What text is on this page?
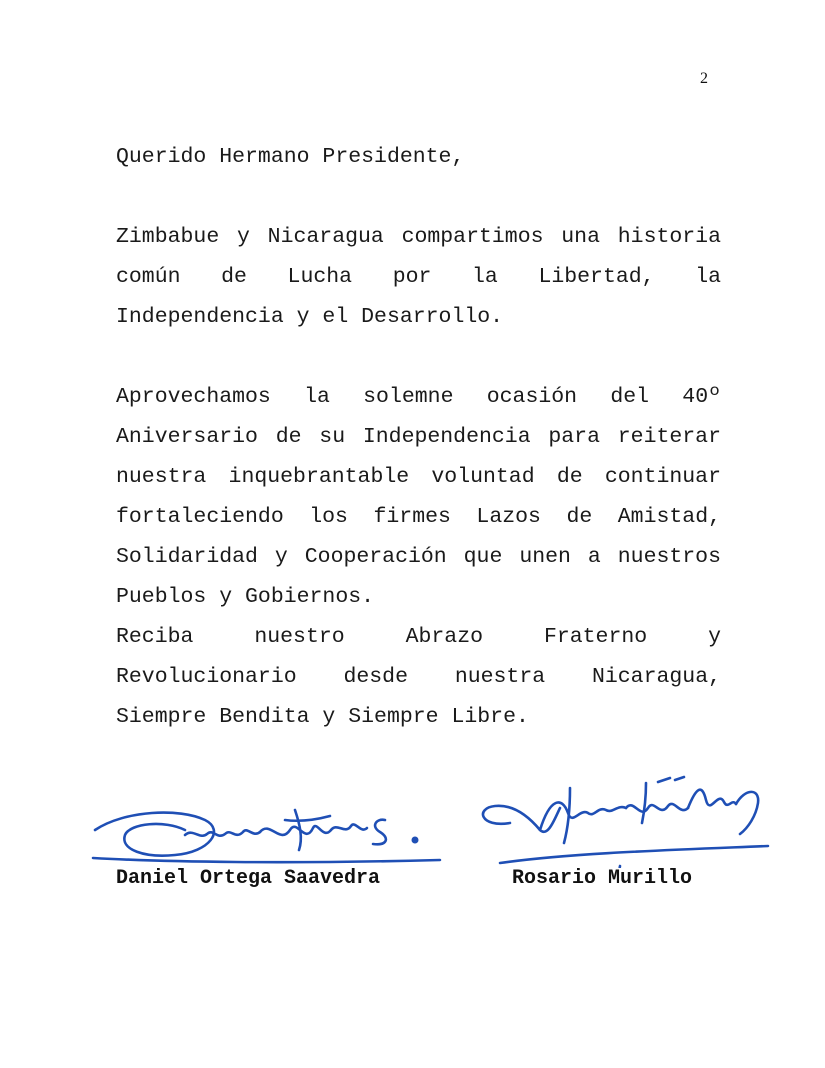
2
Querido Hermano Presidente,
Zimbabue y Nicaragua compartimos una historia común de Lucha por la Libertad, la Independencia y el Desarrollo.
Aprovechamos la solemne ocasión del 40º Aniversario de su Independencia para reiterar nuestra inquebrantable voluntad de continuar fortaleciendo los firmes Lazos de Amistad, Solidaridad y Cooperación que unen a nuestros Pueblos y Gobiernos.
Reciba nuestro Abrazo Fraterno y Revolucionario desde nuestra Nicaragua, Siempre Bendita y Siempre Libre.
Daniel Ortega Saavedra	Rosario Murillo
